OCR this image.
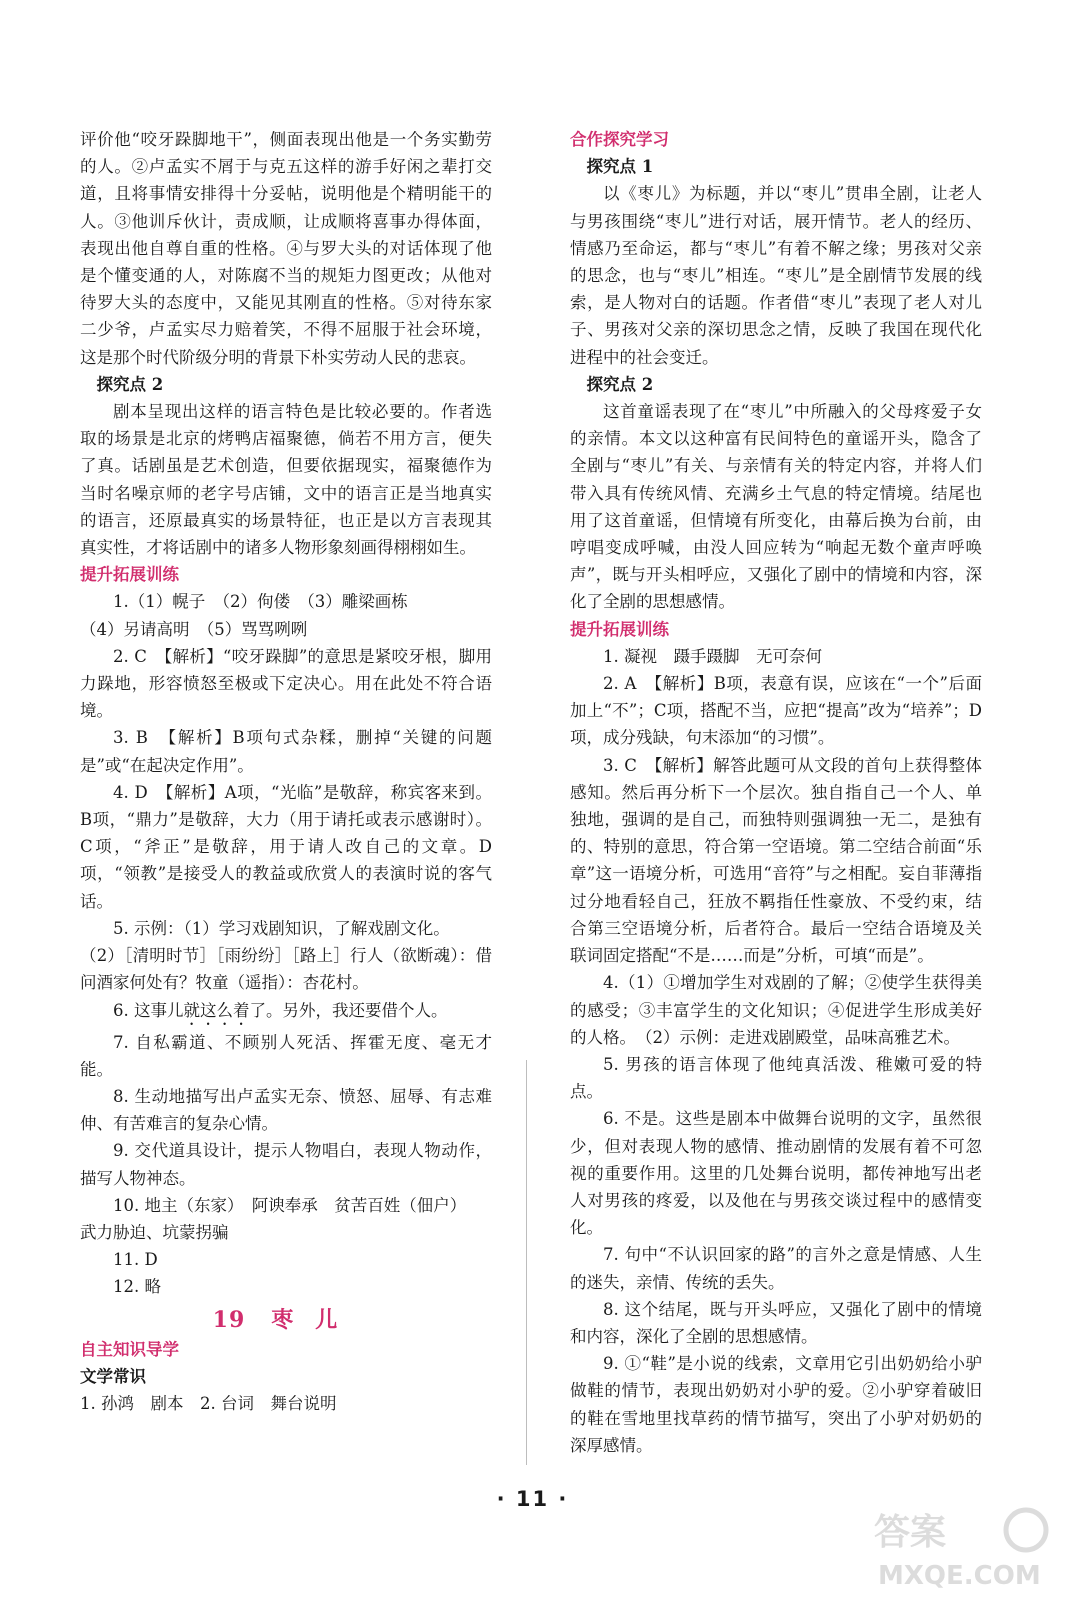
评价他“咬牙跺脚地干”，侧面表现出他是一个务实勤劳的人。②卢孟实不屑于与克五这样的游手好闲之辈打交道，且将事情安排得十分妥帖，说明他是个精明能干的人。③他训斥伙计，责成顺，让成顺将喜事办得体面，表现出他自尊自重的性格。④与罗大头的对话体现了他是个懂变通的人，对陈腐不当的规矩力图更改；从他对待罗大头的态度中，又能见其刚直的性格。⑤对待东家二少爷，卢孟实尽力赔着笑，不得不屈服于社会环境，这是那个时代阶级分明的背景下朴实劳动人民的悲哀。

探究点 2

剧本呈现出这样的语言特色是比较必要的。作者选取的场景是北京的烤鸭店福聚德，倘若不用方言，便失了真。话剧虽是艺术创造，但要依据现实，福聚德作为当时名噪京师的老字号店铺，文中的语言正是当地真实的语言，还原最真实的场景特征，也正是以方言表现其真实性，才将话剧中的诸多人物形象刻画得栩栩如生。

提升拓展训练

1.（1）幌子　（2）佝偻　（3）雕梁画栋

（4）另请高明　（5）骂骂咧咧

2. C　【解析】“咬牙跺脚”的意思是紧咬牙根，脚用力跺地，形容愤怒至极或下定决心。用在此处不符合语境。

3. B　【解析】B项句式杂糅，删掉“关键的问题是”或“在起决定作用”。

4. D　【解析】A项，“光临”是敬辞，称宾客来到。B项，“鼎力”是敬辞，大力（用于请托或表示感谢时）。C项，“斧正”是敬辞，用于请人改自己的文章。D项，“领教”是接受人的教益或欣赏人的表演时说的客气话。

5. 示例：（1）学习戏剧知识，了解戏剧文化。

（2）［清明时节］［雨纷纷］［路上］行人（欲断魂）：借问酒家何处有？牧童（遥指）：杏花村。

6. 这事儿就这么着了。另外，我还要借个人。

7. 自私霸道、不顾别人死活、挥霍无度、毫无才能。

8. 生动地描写出卢孟实无奈、愤怒、屈辱、有志难伸、有苦难言的复杂心情。

9. 交代道具设计，提示人物唱白，表现人物动作，描写人物神态。

10. 地主（东家）　阿谀奉承　贫苦百姓（佃户）

武力胁迫、坑蒙拐骗

11. D

12. 略

19 枣儿

自主知识导学

文学常识

1. 孙鸿　剧本　2. 台词　舞台说明

合作探究学习

探究点 1

以《枣儿》为标题，并以“枣儿”贯串全剧，让老人与男孩围绕“枣儿”进行对话，展开情节。老人的经历、情感乃至命运，都与“枣儿”有着不解之缘；男孩对父亲的思念，也与“枣儿”相连。“枣儿”是全剧情节发展的线索，是人物对白的话题。作者借“枣儿”表现了老人对儿子、男孩对父亲的深切思念之情，反映了我国在现代化进程中的社会变迁。

探究点 2

这首童谣表现了在“枣儿”中所融入的父母疼爱子女的亲情。本文以这种富有民间特色的童谣开头，隐含了全剧与“枣儿”有关、与亲情有关的特定内容，并将人们带入具有传统风情、充满乡土气息的特定情境。结尾也用了这首童谣，但情境有所变化，由幕后换为台前，由哼唱变成呼喊，由没人回应转为“响起无数个童声呼唤声”，既与开头相呼应，又强化了剧中的情境和内容，深化了全剧的思想感情。

提升拓展训练

1. 凝视　蹑手蹑脚　无可奈何

2. A　【解析】B项，表意有误，应该在“一个”后面加上“不”；C项，搭配不当，应把“提高”改为“培养”；D项，成分残缺，句末添加“的习惯”。

3. C　【解析】解答此题可从文段的首句上获得整体感知。然后再分析下一个层次。独自指自己一个人、单独地，强调的是自己，而独特则强调独一无二，是独有的、特别的意思，符合第一空语境。第二空结合前面“乐章”这一语境分析，可选用“音符”与之相配。妄自菲薄指过分地看轻自己，狂放不羁指任性豪放、不受约束，结合第三空语境分析，后者符合。最后一空结合语境及关联词固定搭配“不是……而是”分析，可填“而是”。

4.（1）①增加学生对戏剧的了解；②使学生获得美的感受；③丰富学生的文化知识；④促进学生形成美好的人格。　（2）示例：走进戏剧殿堂，品味高雅艺术。

5. 男孩的语言体现了他纯真活泼、稚嫩可爱的特点。

6. 不是。这些是剧本中做舞台说明的文字，虽然很少，但对表现人物的感情、推动剧情的发展有着不可忽视的重要作用。这里的几处舞台说明，都传神地写出老人对男孩的疼爱，以及他在与男孩交谈过程中的感情变化。

7. 句中“不认识回家的路”的言外之意是情感、人生的迷失，亲情、传统的丢失。

8. 这个结尾，既与开头呼应，又强化了剧中的情境和内容，深化了全剧的思想感情。

9. ①“鞋”是小说的线索，文章用它引出奶奶给小驴做鞋的情节，表现出奶奶对小驴的爱。②小驴穿着破旧的鞋在雪地里找草药的情节描写，突出了小驴对奶奶的深厚感情。

· 11 ·
答案
MXQE.COM
